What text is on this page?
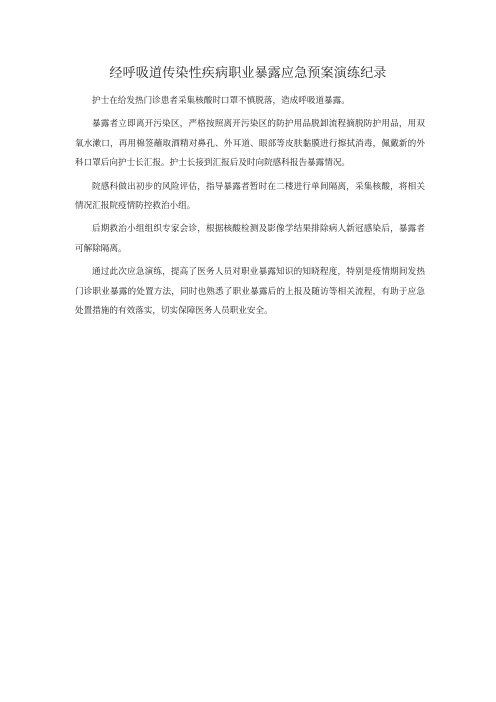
经呼吸道传染性疾病职业暴露应急预案演练纪录

护士在给发热门诊患者采集核酸时口罩不慎脱落，造成呼吸道暴露。

暴露者立即离开污染区，严格按照离开污染区的防护用品脱卸流程摘脱防护用品，用双氧水漱口，再用棉签蘸取酒精对鼻孔、外耳道、眼部等皮肤黏膜进行擦拭消毒，佩戴新的外科口罩后向护士长汇报。护士长接到汇报后及时向院感科报告暴露情况。

院感科做出初步的风险评估，指导暴露者暂时在二楼进行单间隔离，采集核酸，将相关情况汇报院疫情防控救治小组。

后期救治小组组织专家会诊，根据核酸检测及影像学结果排除病人新冠感染后，暴露者可解除隔离。

通过此次应急演练，提高了医务人员对职业暴露知识的知晓程度，特别是疫情期间发热门诊职业暴露的处置方法，同时也熟悉了职业暴露后的上报及随访等相关流程，有助于应急处置措施的有效落实，切实保障医务人员职业安全。
